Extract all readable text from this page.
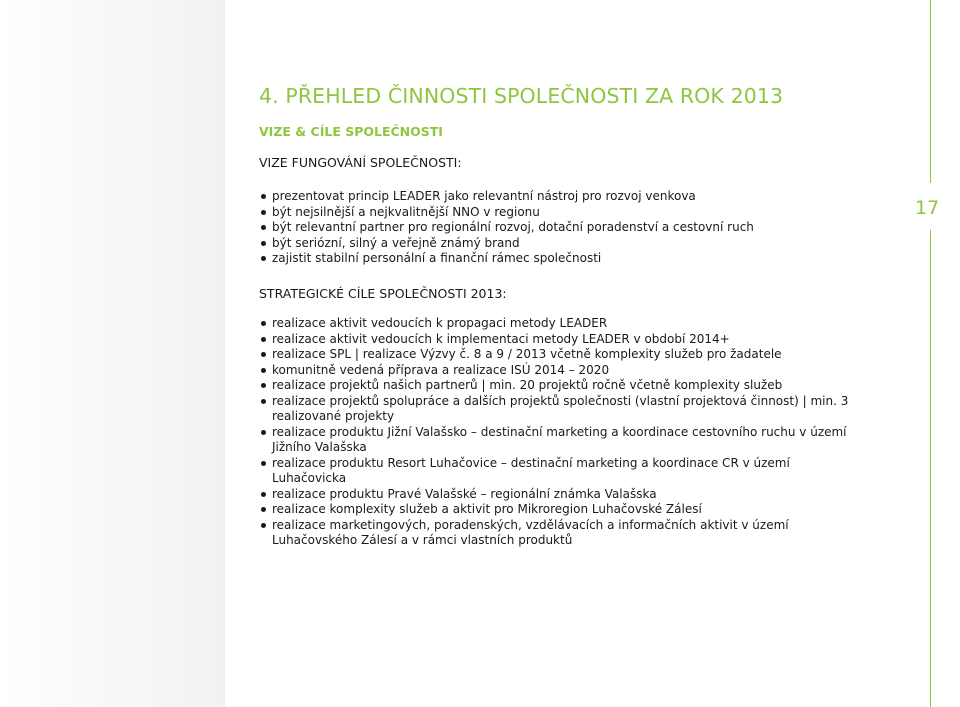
4. PŘEHLED ČINNOSTI SPOLEČNOSTI ZA ROK 2013
VIZE & CÍLE SPOLEČNOSTI
VIZE FUNGOVÁNÍ SPOLEČNOSTI:
prezentovat princip LEADER jako relevantní nástroj pro rozvoj venkova
být nejsilnější a nejkvalitnější NNO v regionu
být relevantní partner pro regionální rozvoj, dotační poradenství a cestovní ruch
být seriózní, silný a veřejně známý brand
zajistit stabilní personální a finanční rámec společnosti
STRATEGICKÉ CÍLE SPOLEČNOSTI 2013:
realizace aktivit vedoucích k propagaci metody LEADER
realizace aktivit vedoucích k implementaci metody LEADER v období 2014+
realizace SPL | realizace Výzvy č. 8 a 9 / 2013 včetně komplexity služeb pro žadatele
komunitně vedená příprava a realizace ISÚ 2014 – 2020
realizace projektů našich partnerů | min. 20 projektů ročně včetně komplexity služeb
realizace projektů spolupráce a dalších projektů společnosti (vlastní projektová činnost) | min. 3 realizované projekty
realizace produktu Jižní Valašsko – destinační marketing a koordinace cestovního ruchu v území Jižního Valašska
realizace produktu Resort Luhačovice – destinační marketing a koordinace CR v území Luhačovicka
realizace produktu Pravé Valašské – regionální známka Valašska
realizace komplexity služeb a aktivit pro Mikroregion Luhačovské Zálesí
realizace marketingových, poradenských, vzdělávacích a informačních aktivit v území Luhačovského Zálesí a v rámci vlastních produktů
17
